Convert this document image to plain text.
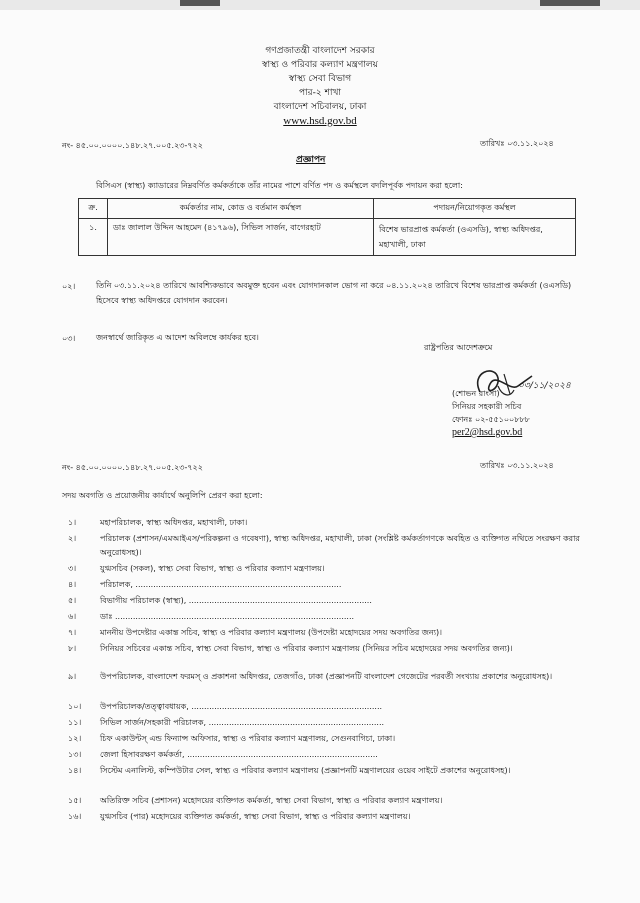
গণপ্রজাতন্ত্রী বাংলাদেশ সরকার
স্বাস্থ্য ও পরিবার কল্যাণ মন্ত্রণালয়
স্বাস্থ্য সেবা বিভাগ
পার-২ শাখা
বাংলাদেশ সচিবালয়, ঢাকা
www.hsd.gov.bd
নং- ৪৫.০০.০০০০.১৪৮.২৭.০০৫.২৩-৭২২	তারিখঃ ০৩.১১.২০২৪
প্রজ্ঞাপন
বিসিএস (স্বাস্থ্য) ক্যাডারের নিম্নবর্ণিত কর্মকর্তাকে তাঁর নামের পাশে বর্ণিত পদ ও কর্মস্থলে বদলিপূর্বক পদায়ন করা হলো:
ক্র.	কর্মকর্তার নাম, কোড ও বর্তমান কর্মস্থল	পদায়ন/নিয়োগকৃত কর্মস্থল
১.	ডাঃ জালাল উদ্দিন আহমেদ (৪১৭৯৬), সিভিল সার্জন, বাগেরহাট	বিশেষ ভারপ্রাপ্ত কর্মকর্তা (ওএসডি), স্বাস্থ্য অধিদপ্তর, মহাখালী, ঢাকা
০২।	তিনি ০৩.১১.২০২৪ তারিখে আবশ্যিকভাবে অবমুক্ত হবেন এবং যোগদানকাল ভোগ না করে ০৪.১১.২০২৪ তারিখে বিশেষ ভারপ্রাপ্ত কর্মকর্তা (ওএসডি) হিসেবে স্বাস্থ্য অধিদপ্তরে যোগদান করবেন।
০৩।	জনস্বার্থে জারিকৃত এ আদেশ অবিলম্বে কার্যকর হবে।
রাষ্ট্রপতির আদেশক্রমে
০৩/১১/২০২৪
(শোভন রাংসা)
সিনিয়র সহকারী সচিব
ফোনঃ ০২-৫৫১০০৮৮৮
per2@hsd.gov.bd
নং- ৪৫.০০.০০০০.১৪৮.২৭.০০৫.২৩-৭২২	তারিখঃ ০৩.১১.২০২৪
সদয় অবগতি ও প্রয়োজনীয় কার্যার্থে অনুলিপি প্রেরণ করা হলো:
১।	মহাপরিচালক, স্বাস্থ্য অধিদপ্তর, মহাখালী, ঢাকা।
২।	পরিচালক (প্রশাসন/এমআইএস/পরিকল্পনা ও গবেষণা), স্বাস্থ্য অধিদপ্তর, মহাখালী, ঢাকা (সংশ্লিষ্ট কর্মকর্তাগণকে অবহিত ও ব্যক্তিগত নথিতে সংরক্ষণ করার অনুরোধসহ)।
৩।	যুগ্মসচিব (সকল), স্বাস্থ্য সেবা বিভাগ, স্বাস্থ্য ও পরিবার কল্যাণ মন্ত্রণালয়।
৪।	পরিচালক, .................................................................................
৫।	বিভাগীয় পরিচালক (স্বাস্থ্য), ........................................................................
৬।	ডাঃ ..............................................................................................
৭।	মাননীয় উপদেষ্টার একান্ত সচিব, স্বাস্থ্য ও পরিবার কল্যাণ মন্ত্রণালয় (উপদেষ্টা মহোদয়ের সদয় অবগতির জন্য)।
৮।	সিনিয়র সচিবের একান্ত সচিব, স্বাস্থ্য সেবা বিভাগ, স্বাস্থ্য ও পরিবার কল্যাণ মন্ত্রণালয় (সিনিয়র সচিব মহোদয়ের সদয় অবগতির জন্য)।
৯।	উপপরিচালক, বাংলাদেশ ফরমস্ ও প্রকাশনা অধিদপ্তর, তেজগাঁও, ঢাকা (প্রজ্ঞাপনটি বাংলাদেশ গেজেটের পরবর্তী সংখ্যায় প্রকাশের অনুরোধসহ)।
১০।	উপপরিচালক/তত্ত্বাবধায়ক, ...........................................................................
১১।	সিভিল সার্জন/সহকারী পরিচালক, .....................................................................
১২।	চিফ একাউন্টস্ এন্ড ফিন্যান্স অফিসার, স্বাস্থ্য ও পরিবার কল্যাণ মন্ত্রণালয়, সেগুনবাগিচা, ঢাকা।
১৩।	জেলা হিসাবরক্ষণ কর্মকর্তা, ...........................................................................
১৪।	সিস্টেম এনালিস্ট, কম্পিউটার সেল, স্বাস্থ্য ও পরিবার কল্যাণ মন্ত্রণালয় (প্রজ্ঞাপনটি মন্ত্রণালয়ের ওয়েব সাইটে প্রকাশের অনুরোধসহ)।
১৫।	অতিরিক্ত সচিব (প্রশাসন) মহোদয়ের ব্যক্তিগত কর্মকর্তা, স্বাস্থ্য সেবা বিভাগ, স্বাস্থ্য ও পরিবার কল্যাণ মন্ত্রণালয়।
১৬।	যুগ্মসচিব (পার) মহোদয়ের ব্যক্তিগত কর্মকর্তা, স্বাস্থ্য সেবা বিভাগ, স্বাস্থ্য ও পরিবার কল্যাণ মন্ত্রণালয়।
